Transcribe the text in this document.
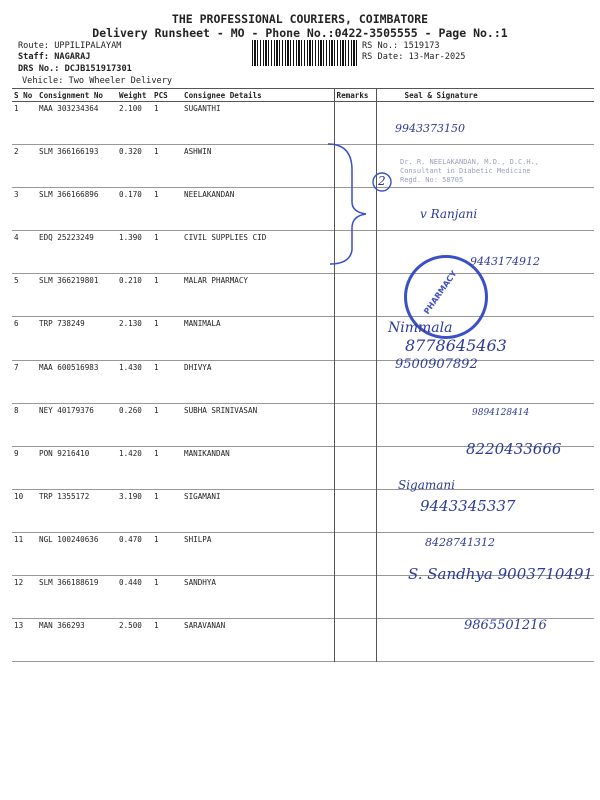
THE PROFESSIONAL COURIERS, COIMBATORE
Delivery Runsheet - MO - Phone No.:0422-3505555 - Page No.:1
Route: UPPILIPALAYAM
Staff: NAGARAJ
DRS No.: DCJB151917301
Vehicle: Two Wheeler Delivery
RS No.: 1519173
RS Date: 13-Mar-2025
S No	Consignment No	Weight	PCS	Consignee Details	Remarks	Seal & Signature
1	MAA 303234364	2.100	1	SUGANTHI		
2	SLM 366166193	0.320	1	ASHWIN		
3	SLM 366166896	0.170	1	NEELAKANDAN		
4	EDQ 25223249	1.390	1	CIVIL SUPPLIES CID		
5	SLM 366219801	0.210	1	MALAR PHARMACY		
6	TRP 738249	2.130	1	MANIMALA		
7	MAA 600516983	1.430	1	DHIVYA		
8	NEY 40179376	0.260	1	SUBHA SRINIVASAN		
9	PON 9216410	1.420	1	MANIKANDAN		
10	TRP 1355172	3.190	1	SIGAMANI		
11	NGL 100240636	0.470	1	SHILPA		
12	SLM 366188619	0.440	1	SANDHYA		
13	MAN 366293	2.500	1	SARAVANAN		
2
Dr. R. NEELAKANDAN, M.D., D.C.H.,
Consultant in Diabetic Medicine
Regd. No: 58705
PHARMACY
9943373150
v Ranjani
9443174912
Nimmala
8778645463
9500907892
9894128414
8220433666
Sigamani
9443345337
8428741312
S. Sandhya 9003710491
9865501216
